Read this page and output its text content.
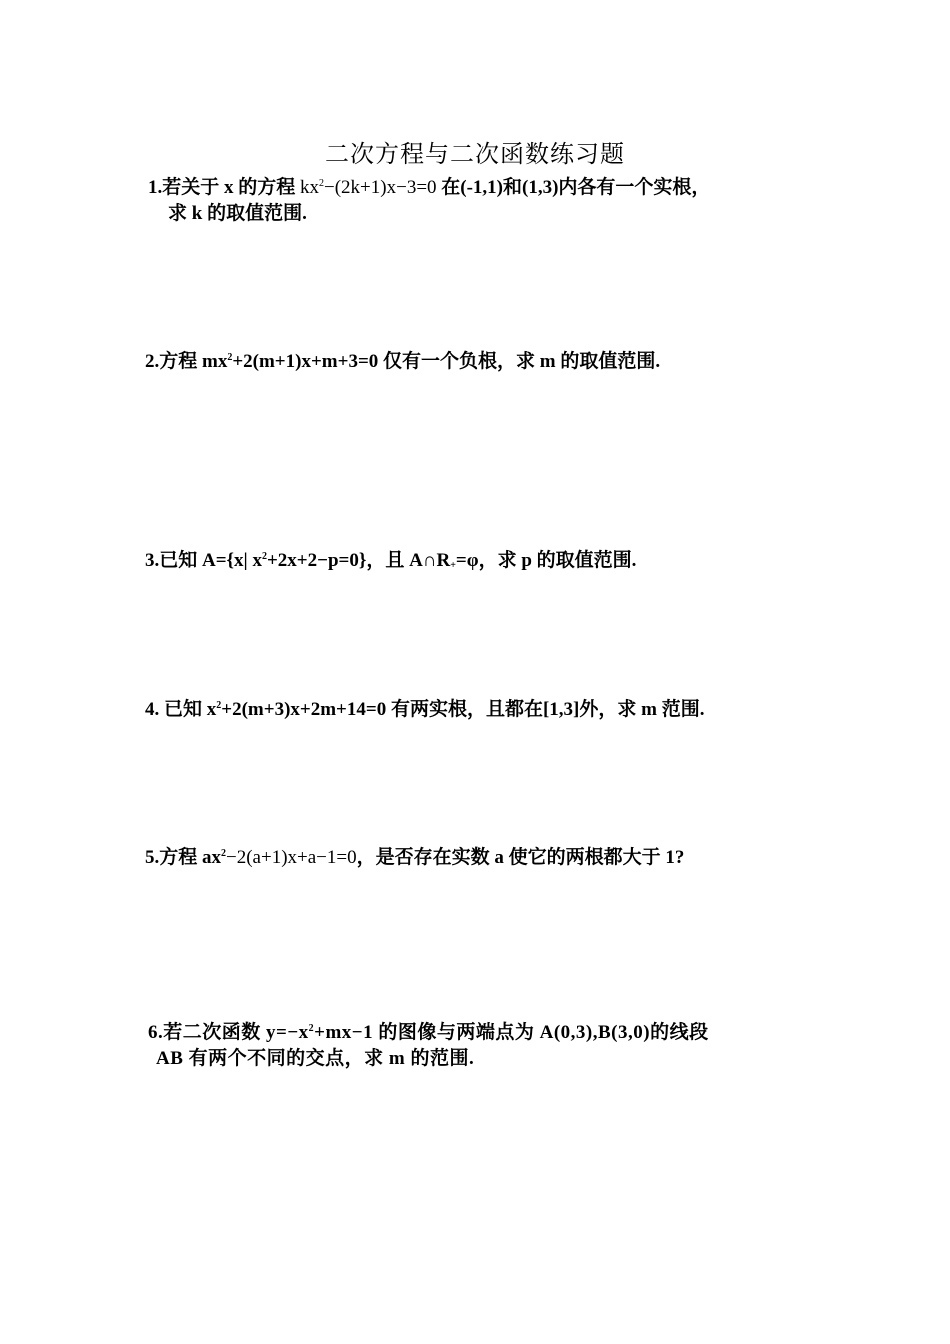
二次方程与二次函数练习题
1.若关于 x 的方程 $kx^2-(2k+1)x-3=0$ 在(-1,1)和(1,3)内各有一个实根，
求 k 的取值范围.
2.方程 $mx^2+2(m+1)x+m+3=0$ 仅有一个负根，求 m 的取值范围.
3.已知 A={x| $x^2+2x+2-p=0$}，且 $A\cap R_+=\varphi$，求 p 的取值范围.
4. 已知 $x^2+2(m+3)x+2m+14=0$ 有两实根，且都在[1,3]外，求 m 范围.
5.方程 $ax^2-2(a+1)x+a-1=0$，是否存在实数 a 使它的两根都大于 1?
6.若二次函数 $y=-x^2+mx-1$ 的图像与两端点为 A(0,3),B(3,0)的线段
AB 有两个不同的交点，求 m 的范围.
